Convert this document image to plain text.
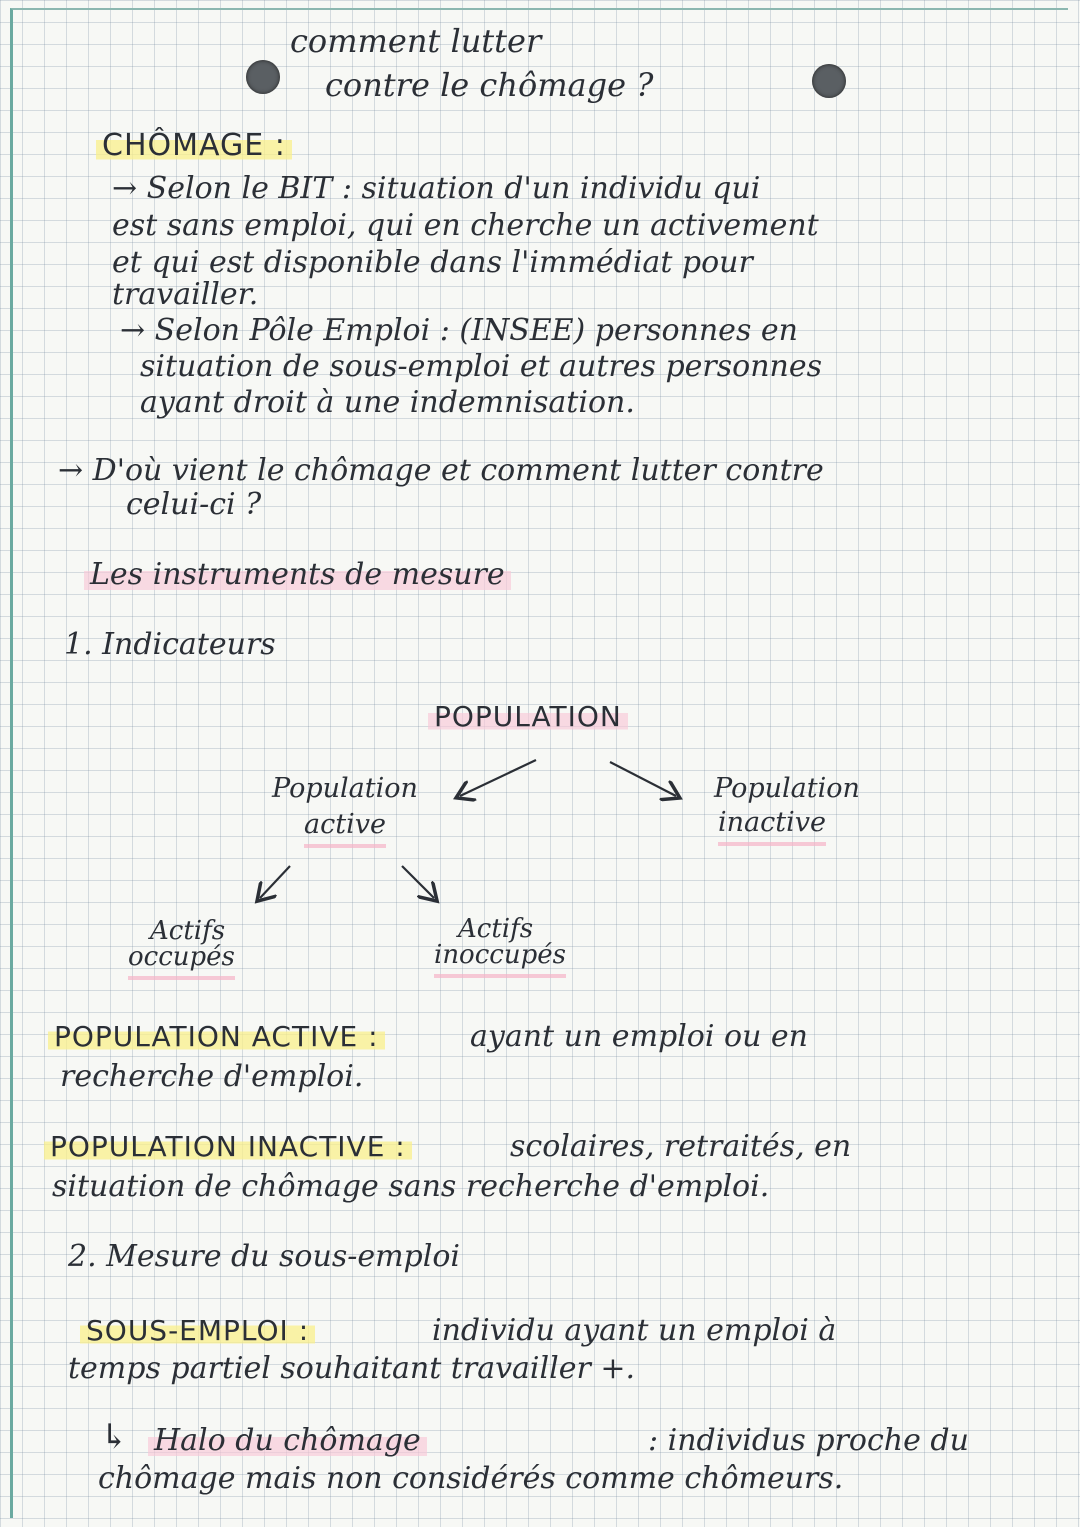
comment lutter
contre le chômage ?
CHÔMAGE :
→ Selon le BIT : situation d'un individu qui
est sans emploi, qui en cherche un activement
et qui est disponible dans l'immédiat pour
travailler.
→ Selon Pôle Emploi : (INSEE) personnes en
situation de sous-emploi et autres personnes
ayant droit à une indemnisation.
→ D'où vient le chômage et comment lutter contre
celui-ci ?
Les instruments de mesure
1. Indicateurs
POPULATION
Population
active
Population
inactive
Actifs
occupés
Actifs
inoccupés
POPULATION ACTIVE :	ayant un emploi ou en
recherche d'emploi.
POPULATION INACTIVE :	scolaires, retraités, en
situation de chômage sans recherche d'emploi.
2. Mesure du sous-emploi
SOUS-EMPLOI :	individu ayant un emploi à
temps partiel souhaitant travailler +.
↳ Halo du chômage	: individus proche du
chômage mais non considérés comme chômeurs.
